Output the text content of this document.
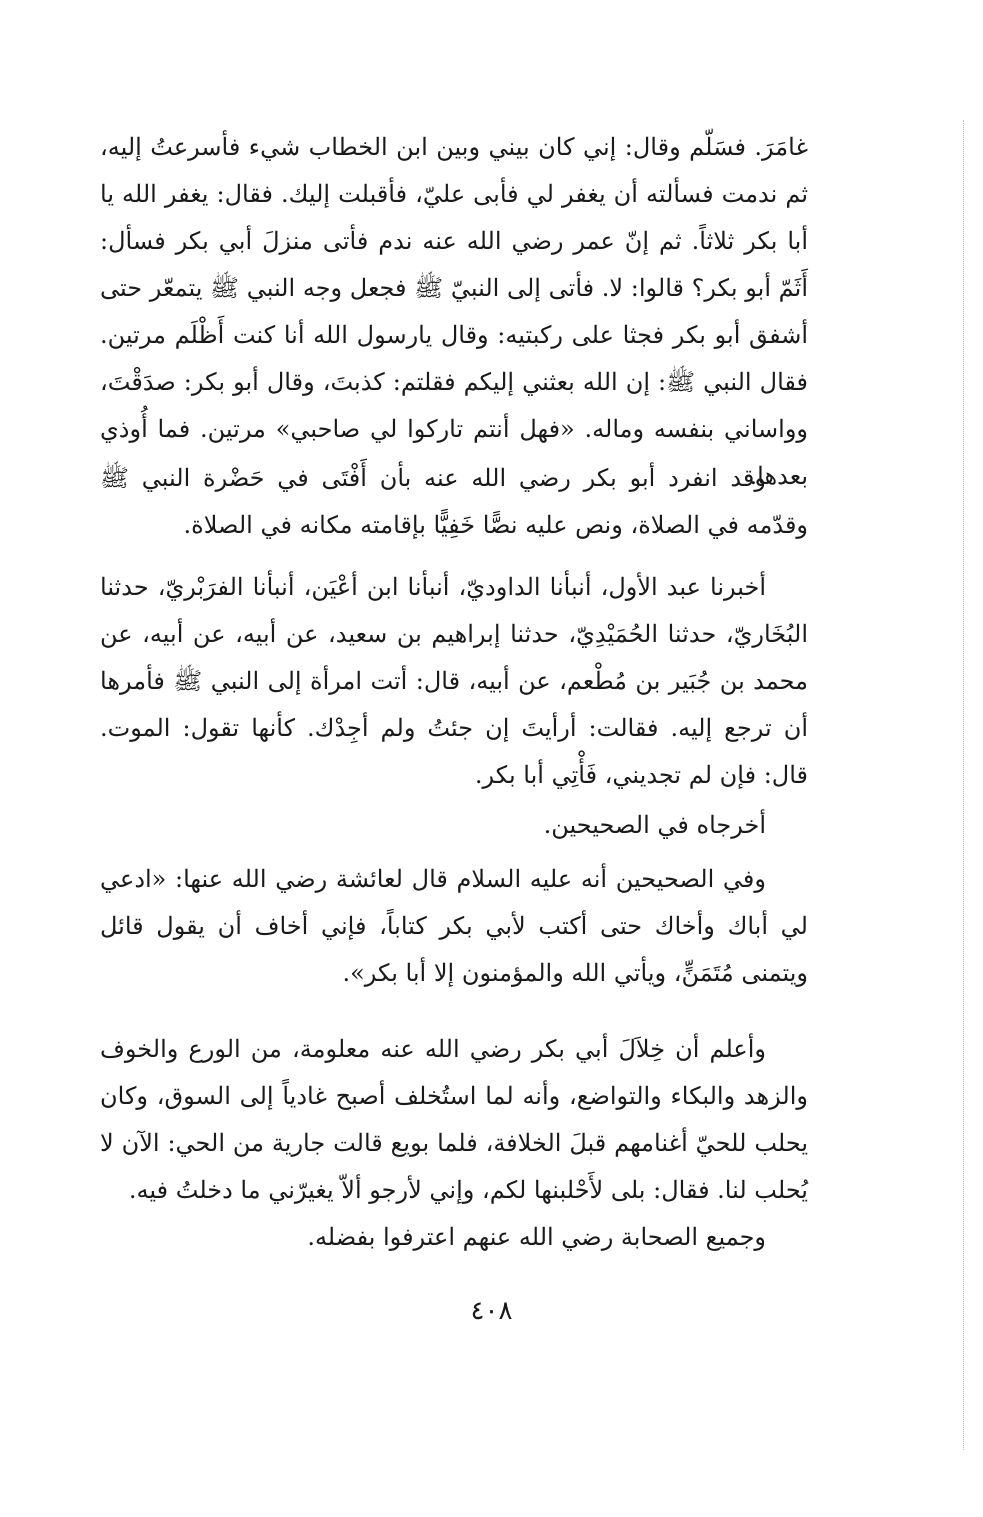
غامَرَ. فسَلّم وقال: إني كان بيني وبين ابن الخطاب شيء فأسرعتُ إليه، ثم ندمت فسألته أن يغفر لي فأبى عليّ، فأقبلت إليك. فقال: يغفر الله يا أبا بكر ثلاثاً. ثم إنّ عمر رضي الله عنه ندم فأتى منزلَ أبي بكر فسأل: أَثَمّ أبو بكر؟ قالوا: لا. فأتى إلى النبيّ ﷺ فجعل وجه النبي ﷺ يتمعّر حتى أشفق أبو بكر فجثا على ركبتيه: وقال يارسول الله أنا كنت أَظْلَم مرتين. فقال النبي ﷺ: إن الله بعثني إليكم فقلتم: كذبتَ، وقال أبو بكر: صدَقْتَ، وواساني بنفسه وماله. «فهل أنتم تاركوا لي صاحبي» مرتين. فما أُوذي بعدها.

وقد انفرد أبو بكر رضي الله عنه بأن أَفْتَى في حَضْرة النبي ﷺ وقدّمه في الصلاة، ونص عليه نصًّا خَفِيًّا بإقامته مكانه في الصلاة.

أخبرنا عبد الأول، أنبأنا الداوديّ، أنبأنا ابن أعْيَن، أنبأنا الفرَبْريّ، حدثنا البُخَاريّ، حدثنا الحُمَيْدِيّ، حدثنا إبراهيم بن سعيد، عن أبيه، عن أبيه، عن محمد بن جُبَير بن مُطْعم، عن أبيه، قال: أتت امرأة إلى النبي ﷺ فأمرها أن ترجع إليه. فقالت: أرأيتَ إن جئتُ ولم أجِدْك. كأنها تقول: الموت. قال: فإن لم تجديني، فَأْتِي أبا بكر.

أخرجاه في الصحيحين.

وفي الصحيحين أنه عليه السلام قال لعائشة رضي الله عنها: «ادعي لي أباك وأخاك حتى أكتب لأبي بكر كتاباً، فإني أخاف أن يقول قائل ويتمنى مُتَمَنٍّ، ويأتي الله والمؤمنون إلا أبا بكر».

وأعلم أن خِلاَلَ أبي بكر رضي الله عنه معلومة، من الورع والخوف والزهد والبكاء والتواضع، وأنه لما استُخلف أصبح غادياً إلى السوق، وكان يحلب للحيّ أغنامهم قبلَ الخلافة، فلما بويع قالت جارية من الحي: الآن لا يُحلب لنا. فقال: بلى لأَحْلبنها لكم، وإني لأرجو ألاّ يغيرّني ما دخلتُ فيه.

وجميع الصحابة رضي الله عنهم اعترفوا بفضله.

٤٠٨
